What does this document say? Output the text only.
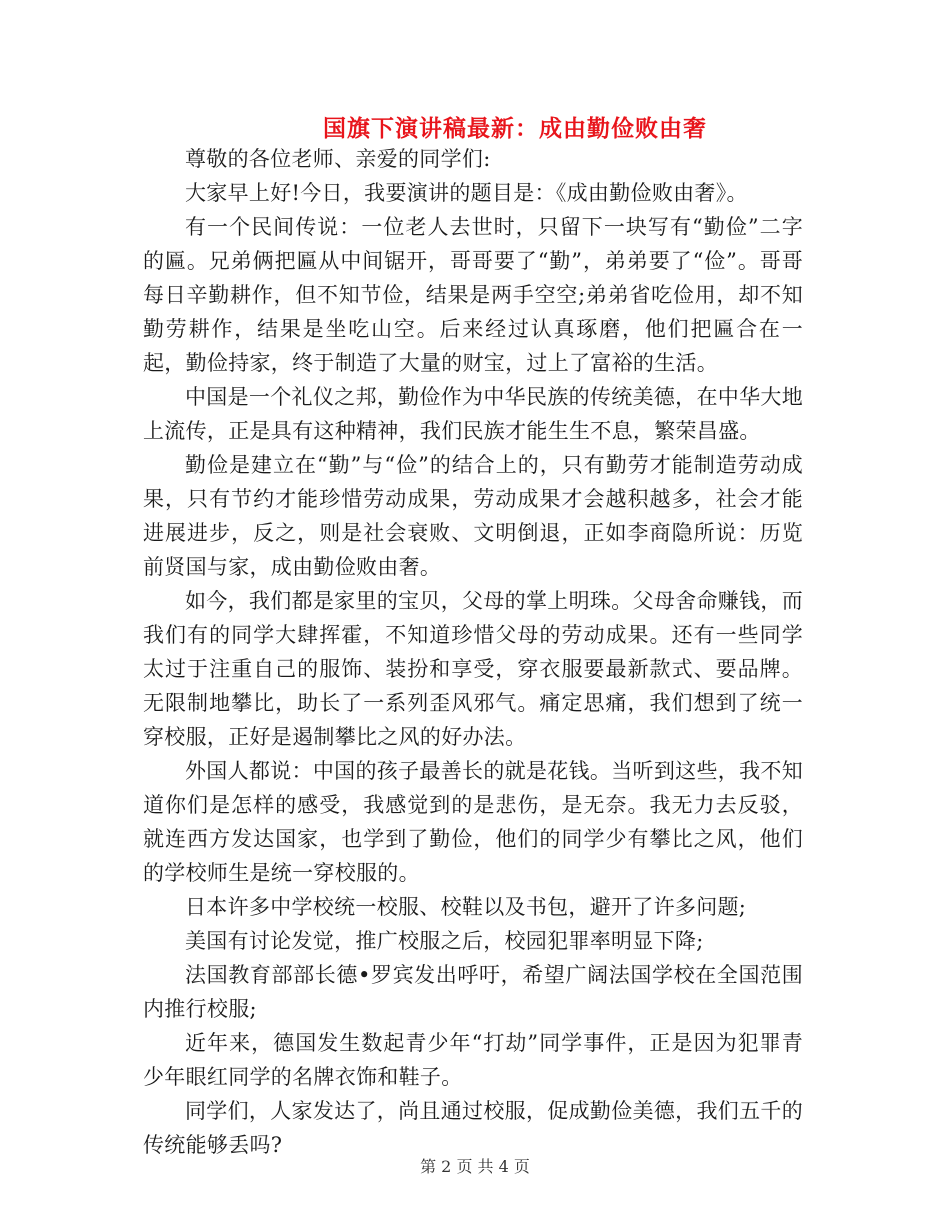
国旗下演讲稿最新：成由勤俭败由奢

尊敬的各位老师、亲爱的同学们:

大家早上好!今日，我要演讲的题目是：《成由勤俭败由奢》。

有一个民间传说：一位老人去世时，只留下一块写有“勤俭”二字的匾。兄弟俩把匾从中间锯开，哥哥要了“勤”，弟弟要了“俭”。哥哥每日辛勤耕作，但不知节俭，结果是两手空空;弟弟省吃俭用，却不知勤劳耕作，结果是坐吃山空。后来经过认真琢磨，他们把匾合在一起，勤俭持家，终于制造了大量的财宝，过上了富裕的生活。

中国是一个礼仪之邦，勤俭作为中华民族的传统美德，在中华大地上流传，正是具有这种精神，我们民族才能生生不息，繁荣昌盛。

勤俭是建立在“勤”与“俭”的结合上的，只有勤劳才能制造劳动成果，只有节约才能珍惜劳动成果，劳动成果才会越积越多，社会才能进展进步，反之，则是社会衰败、文明倒退，正如李商隐所说：历览前贤国与家，成由勤俭败由奢。

如今，我们都是家里的宝贝，父母的掌上明珠。父母舍命赚钱，而我们有的同学大肆挥霍，不知道珍惜父母的劳动成果。还有一些同学太过于注重自己的服饰、装扮和享受，穿衣服要最新款式、要品牌。无限制地攀比，助长了一系列歪风邪气。痛定思痛，我们想到了统一穿校服，正好是遏制攀比之风的好办法。

外国人都说：中国的孩子最善长的就是花钱。当听到这些，我不知道你们是怎样的感受，我感觉到的是悲伤，是无奈。我无力去反驳，就连西方发达国家，也学到了勤俭，他们的同学少有攀比之风，他们的学校师生是统一穿校服的。

日本许多中学校统一校服、校鞋以及书包，避开了许多问题;

美国有讨论发觉，推广校服之后，校园犯罪率明显下降;

法国教育部部长德•罗宾发出呼吁，希望广阔法国学校在全国范围内推行校服;

近年来，德国发生数起青少年“打劫”同学事件，正是因为犯罪青少年眼红同学的名牌衣饰和鞋子。

同学们，人家发达了，尚且通过校服，促成勤俭美德，我们五千的传统能够丢吗?

第 2 页 共 4 页
